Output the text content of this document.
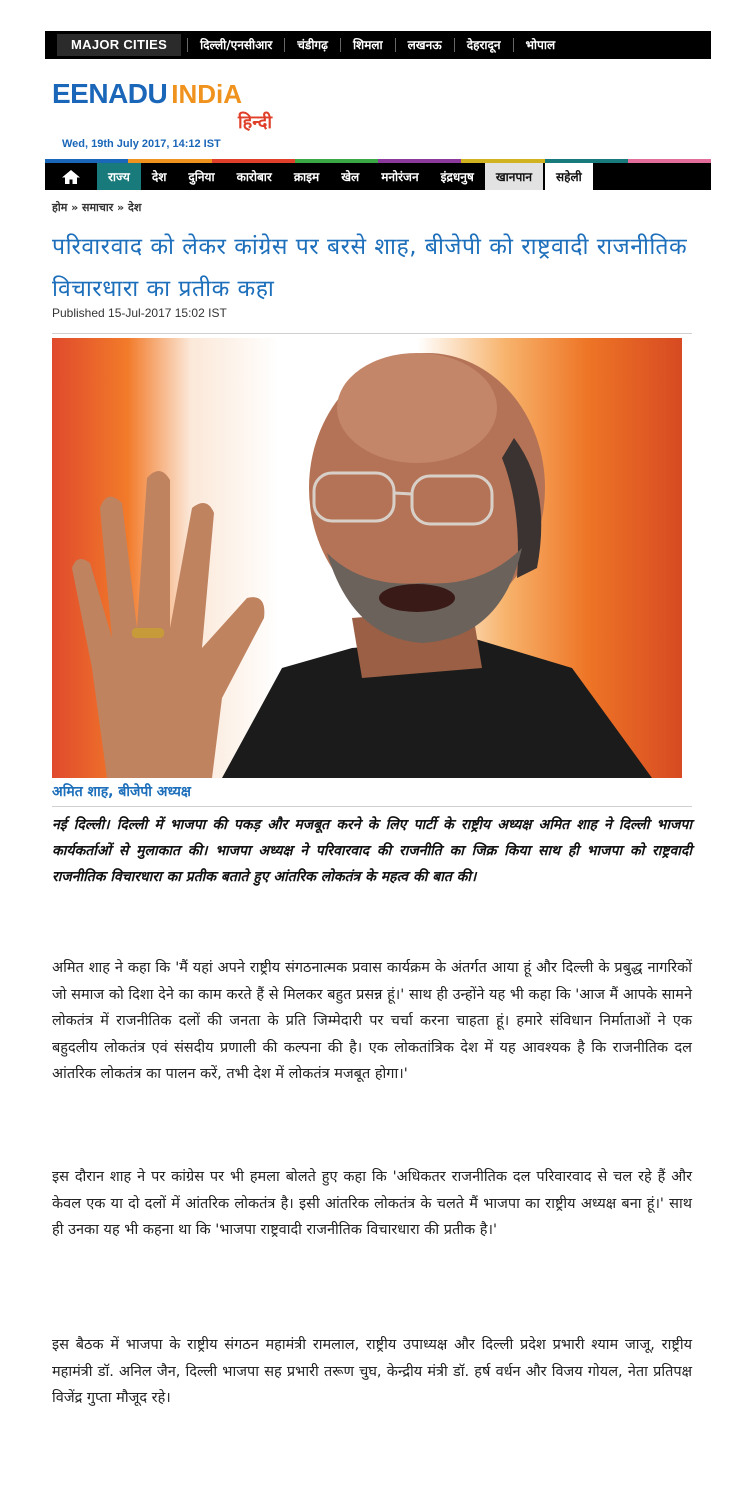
MAJOR CITIES	दिल्ली/एनसीआर	चंडीगढ़	शिमला	लखनऊ	देहरादून	भोपाल
EENADU INDiA
हिन्दी
Wed, 19th July 2017, 14:12 IST
राज्य	देश	दुनिया	कारोबार	क्राइम	खेल	मनोरंजन	इंद्रधनुष	खानपान	सहेली
होम » समाचार » देश
परिवारवाद को लेकर कांग्रेस पर बरसे शाह, बीजेपी को राष्ट्रवादी राजनीतिक विचारधारा का प्रतीक कहा
Published 15-Jul-2017 15:02 IST
अमित शाह, बीजेपी अध्यक्ष

नई दिल्ली। दिल्ली में भाजपा की पकड़ और मजबूत करने के लिए पार्टी के राष्ट्रीय अध्यक्ष अमित शाह ने दिल्ली भाजपा कार्यकर्ताओं से मुलाकात की। भाजपा अध्यक्ष ने परिवारवाद की राजनीति का जिक्र किया साथ ही भाजपा को राष्ट्रवादी राजनीतिक विचारधारा का प्रतीक बताते हुए आंतरिक लोकतंत्र के महत्व की बात की।

अमित शाह ने कहा कि 'मैं यहां अपने राष्ट्रीय संगठनात्मक प्रवास कार्यक्रम के अंतर्गत आया हूं और दिल्ली के प्रबुद्ध नागरिकों जो समाज को दिशा देने का काम करते हैं से मिलकर बहुत प्रसन्न हूं।' साथ ही उन्होंने यह भी कहा कि 'आज मैं आपके सामने लोकतंत्र में राजनीतिक दलों की जनता के प्रति जिम्मेदारी पर चर्चा करना चाहता हूं। हमारे संविधान निर्माताओं ने एक बहुदलीय लोकतंत्र एवं संसदीय प्रणाली की कल्पना की है। एक लोकतांत्रिक देश में यह आवश्यक है कि राजनीतिक दल आंतरिक लोकतंत्र का पालन करें, तभी देश में लोकतंत्र मजबूत होगा।'

इस दौरान शाह ने पर कांग्रेस पर भी हमला बोलते हुए कहा कि 'अधिकतर राजनीतिक दल परिवारवाद से चल रहे हैं और केवल एक या दो दलों में आंतरिक लोकतंत्र है। इसी आंतरिक लोकतंत्र के चलते मैं भाजपा का राष्ट्रीय अध्यक्ष बना हूं।' साथ ही उनका यह भी कहना था कि 'भाजपा राष्ट्रवादी राजनीतिक विचारधारा की प्रतीक है।'

इस बैठक में भाजपा के राष्ट्रीय संगठन महामंत्री रामलाल, राष्ट्रीय उपाध्यक्ष और दिल्ली प्रदेश प्रभारी श्याम जाजू, राष्ट्रीय महामंत्री डॉ. अनिल जैन, दिल्ली भाजपा सह प्रभारी तरूण चुघ, केन्द्रीय मंत्री डॉ. हर्ष वर्धन और विजय गोयल, नेता प्रतिपक्ष विजेंद्र गुप्ता मौजूद रहे।
